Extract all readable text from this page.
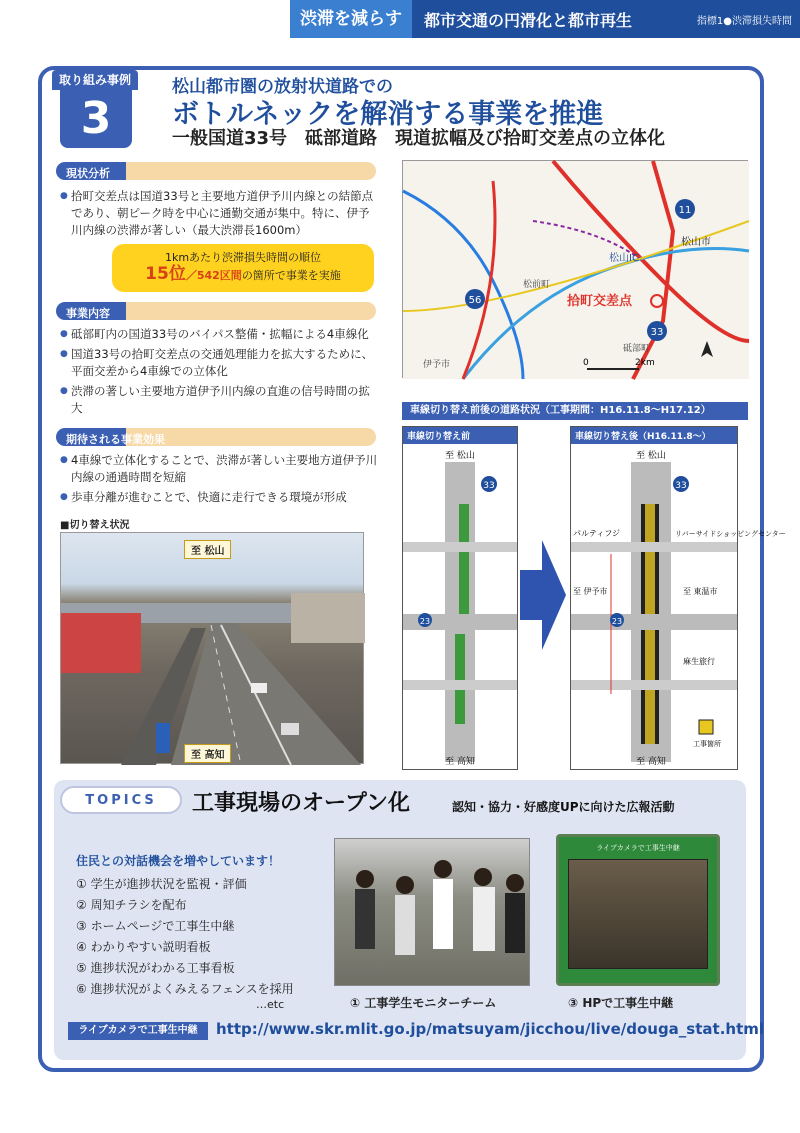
渋滞を減らす	都市交通の円滑化と都市再生	指標1●渋滞損失時間
取り組み事例
3
松山都市圏の放射状道路での
ボトルネックを解消する事業を推進
一般国道33号　砥部道路　現道拡幅及び拾町交差点の立体化
現状分析

● 拾町交差点は国道33号と主要地方道伊予川内線との結節点であり、朝ピーク時を中心に通勤交通が集中。特に、伊予川内線の渋滞が著しい（最大渋滞長1600m）

1kmあたり渋滞損失時間の順位
15位／542区間の箇所で事業を実施
事業内容

● 砥部町内の国道33号のバイパス整備・拡幅による4車線化

● 国道33号の拾町交差点の交通処理能力を拡大するために、平面交差から4車線での立体化

● 渋滞の著しい主要地方道伊予川内線の直進の信号時間の拡大

期待される事業効果

● 4車線で立体化することで、渋滞が著しい主要地方道伊予川内線の通過時間を短縮

● 歩車分離が進むことで、快適に走行できる環境が形成

■切り替え状況
至 松山
至 高知
11
56
33
松山市
松山IC
拾町交差点
松前町
砥部町
伊予市	0	2km
車線切り替え前後の道路状況（工事期間：H16.11.8～H17.12）
車線切り替え前
至 松山
至 高知
33
23
車線切り替え後（H16.11.8～）
至 松山
至 高知
33
23
パルティフジ	リバーサイドショッピングセンター
至 伊予市	至 東温市
麻生旅行
工事箇所
TOPICS 工事現場のオープン化	認知・協力・好感度UPに向けた広報活動
住民との対話機会を増やしています！
① 学生が進捗状況を監視・評価
② 周知チラシを配布
③ ホームページで工事生中継
④ わかりやすい説明看板
⑤ 進捗状況がわかる工事看板
⑥ 進捗状況がよくみえるフェンスを採用
…etc
ライブカメラで工事生中継
① 工事学生モニターチーム	③ HPで工事生中継
ライブカメラで工事生中継	http://www.skr.mlit.go.jp/matsuyam/jicchou/live/douga_stat.html
